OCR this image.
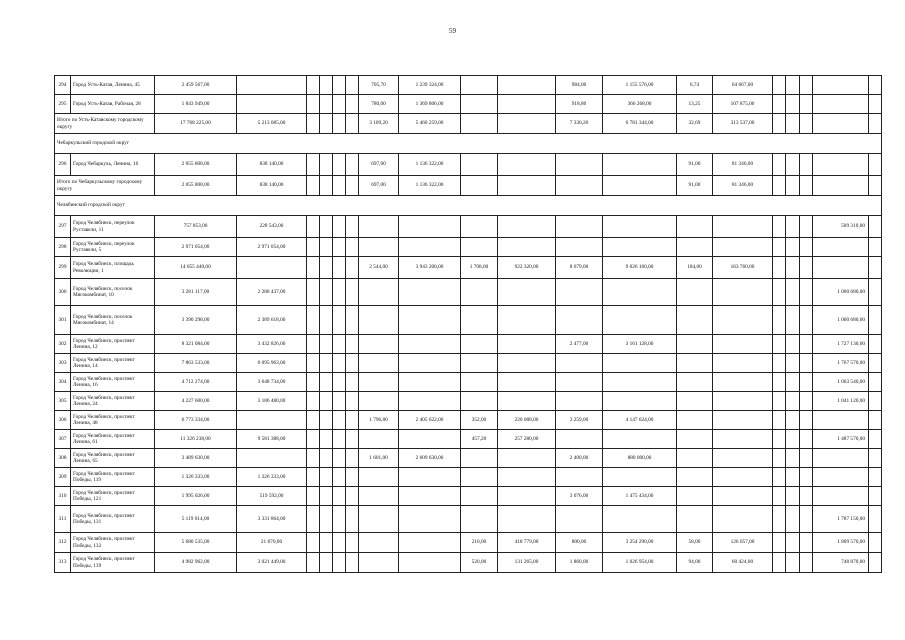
59
294	Город Усть-Катав, Ленина, 45	2 459 567,00						705,70	1 239 324,00			984,00	1 155 576,00	6,74	64 667,00					
295	Город Усть-Катав, Рабочая, 28	1 843 949,00						780,00	1 369 806,00			918,80	366 268,00	13,25	107 875,00					
Итого по Усть-Катавскому городскому округу		17 768 225,00	5 213 085,00					3 109,20	5 460 259,00			7 330,20	6 781 344,00	32,69	313 537,00					
Чебаркульский городской округ																				
296	Город Чебаркуль, Ленина, 16	2 055 808,00	838 140,00					697,00	1 136 322,00					91,00	81 346,00					
Итого по Чебаркульскому городскому округу		2 055 808,00	838 140,00					697,00	1 136 322,00					91,00	81 346,00					
Челябинский городской округ																				
297	Город Челябинск, переулок Руставели, 11	757 853,00	228 543,00																509 310,00	
298	Город Челябинск, переулок Руставели, 5	2 971 054,00	2 971 054,00																	
299	Город Челябинск, площадь Революции, 1	14 055 440,00						2 544,00	3 943 200,00	1 708,00	922 320,00	8 679,00	9 026 160,00	184,00	163 760,00					
300	Город Челябинск, поселок Мясокомбинат, 10	3 281 117,00	2 280 437,00																1 000 680,00	
301	Город Челябинск, поселок Мясокомбинат, 14	3 390 298,00	2 389 618,00																1 000 680,00	
302	Город Челябинск, проспект Ленина, 12	8 321 084,00	3 432 826,00									2 477,00	3 161 128,00						1 727 130,00	
303	Город Челябинск, проспект Ленина, 14	7 863 533,00	6 095 963,00																1 767 570,00	
304	Город Челябинск, проспект Ленина, 16	4 712 274,00	3 648 734,00																1 063 540,00	
305	Город Челябинск, проспект Ленина, 24	4 227 600,00	3 186 480,00																1 041 120,00	
306	Город Челябинск, проспект Ленина, 48	6 773 334,00						1 796,80	2 405 622,00	352,00	220 088,00	3 259,00	4 147 624,00							
307	Город Челябинск, проспект Ленина, 61	11 326 238,00	9 581 388,00							457,20	257 280,00								1 487 570,00	
308	Город Челябинск, проспект Ленина, 65	3 489 630,00						1 601,00	2 609 630,00			2 400,00	880 000,00							
309	Город Челябинск, проспект Победы, 119	1 326 333,00	1 326 333,00																	
310	Город Челябинск, проспект Победы, 121	1 995 026,00	519 592,00									3 076,00	1 475 434,00							
311	Город Челябинск, проспект Победы, 131	5 119 014,00	3 331 864,00																1 787 150,00	
312	Город Челябинск, проспект Победы, 132	5 680 535,00	21 870,00							210,00	418 779,00	800,00	3 254 290,00	58,00	126 057,00				1 809 570,00	
313	Город Челябинск, проспект Победы, 139	4 982 962,00	3 021 449,00							520,00	131 265,00	1 860,00	1 026 954,00	94,00	60 424,00				748 870,00	
